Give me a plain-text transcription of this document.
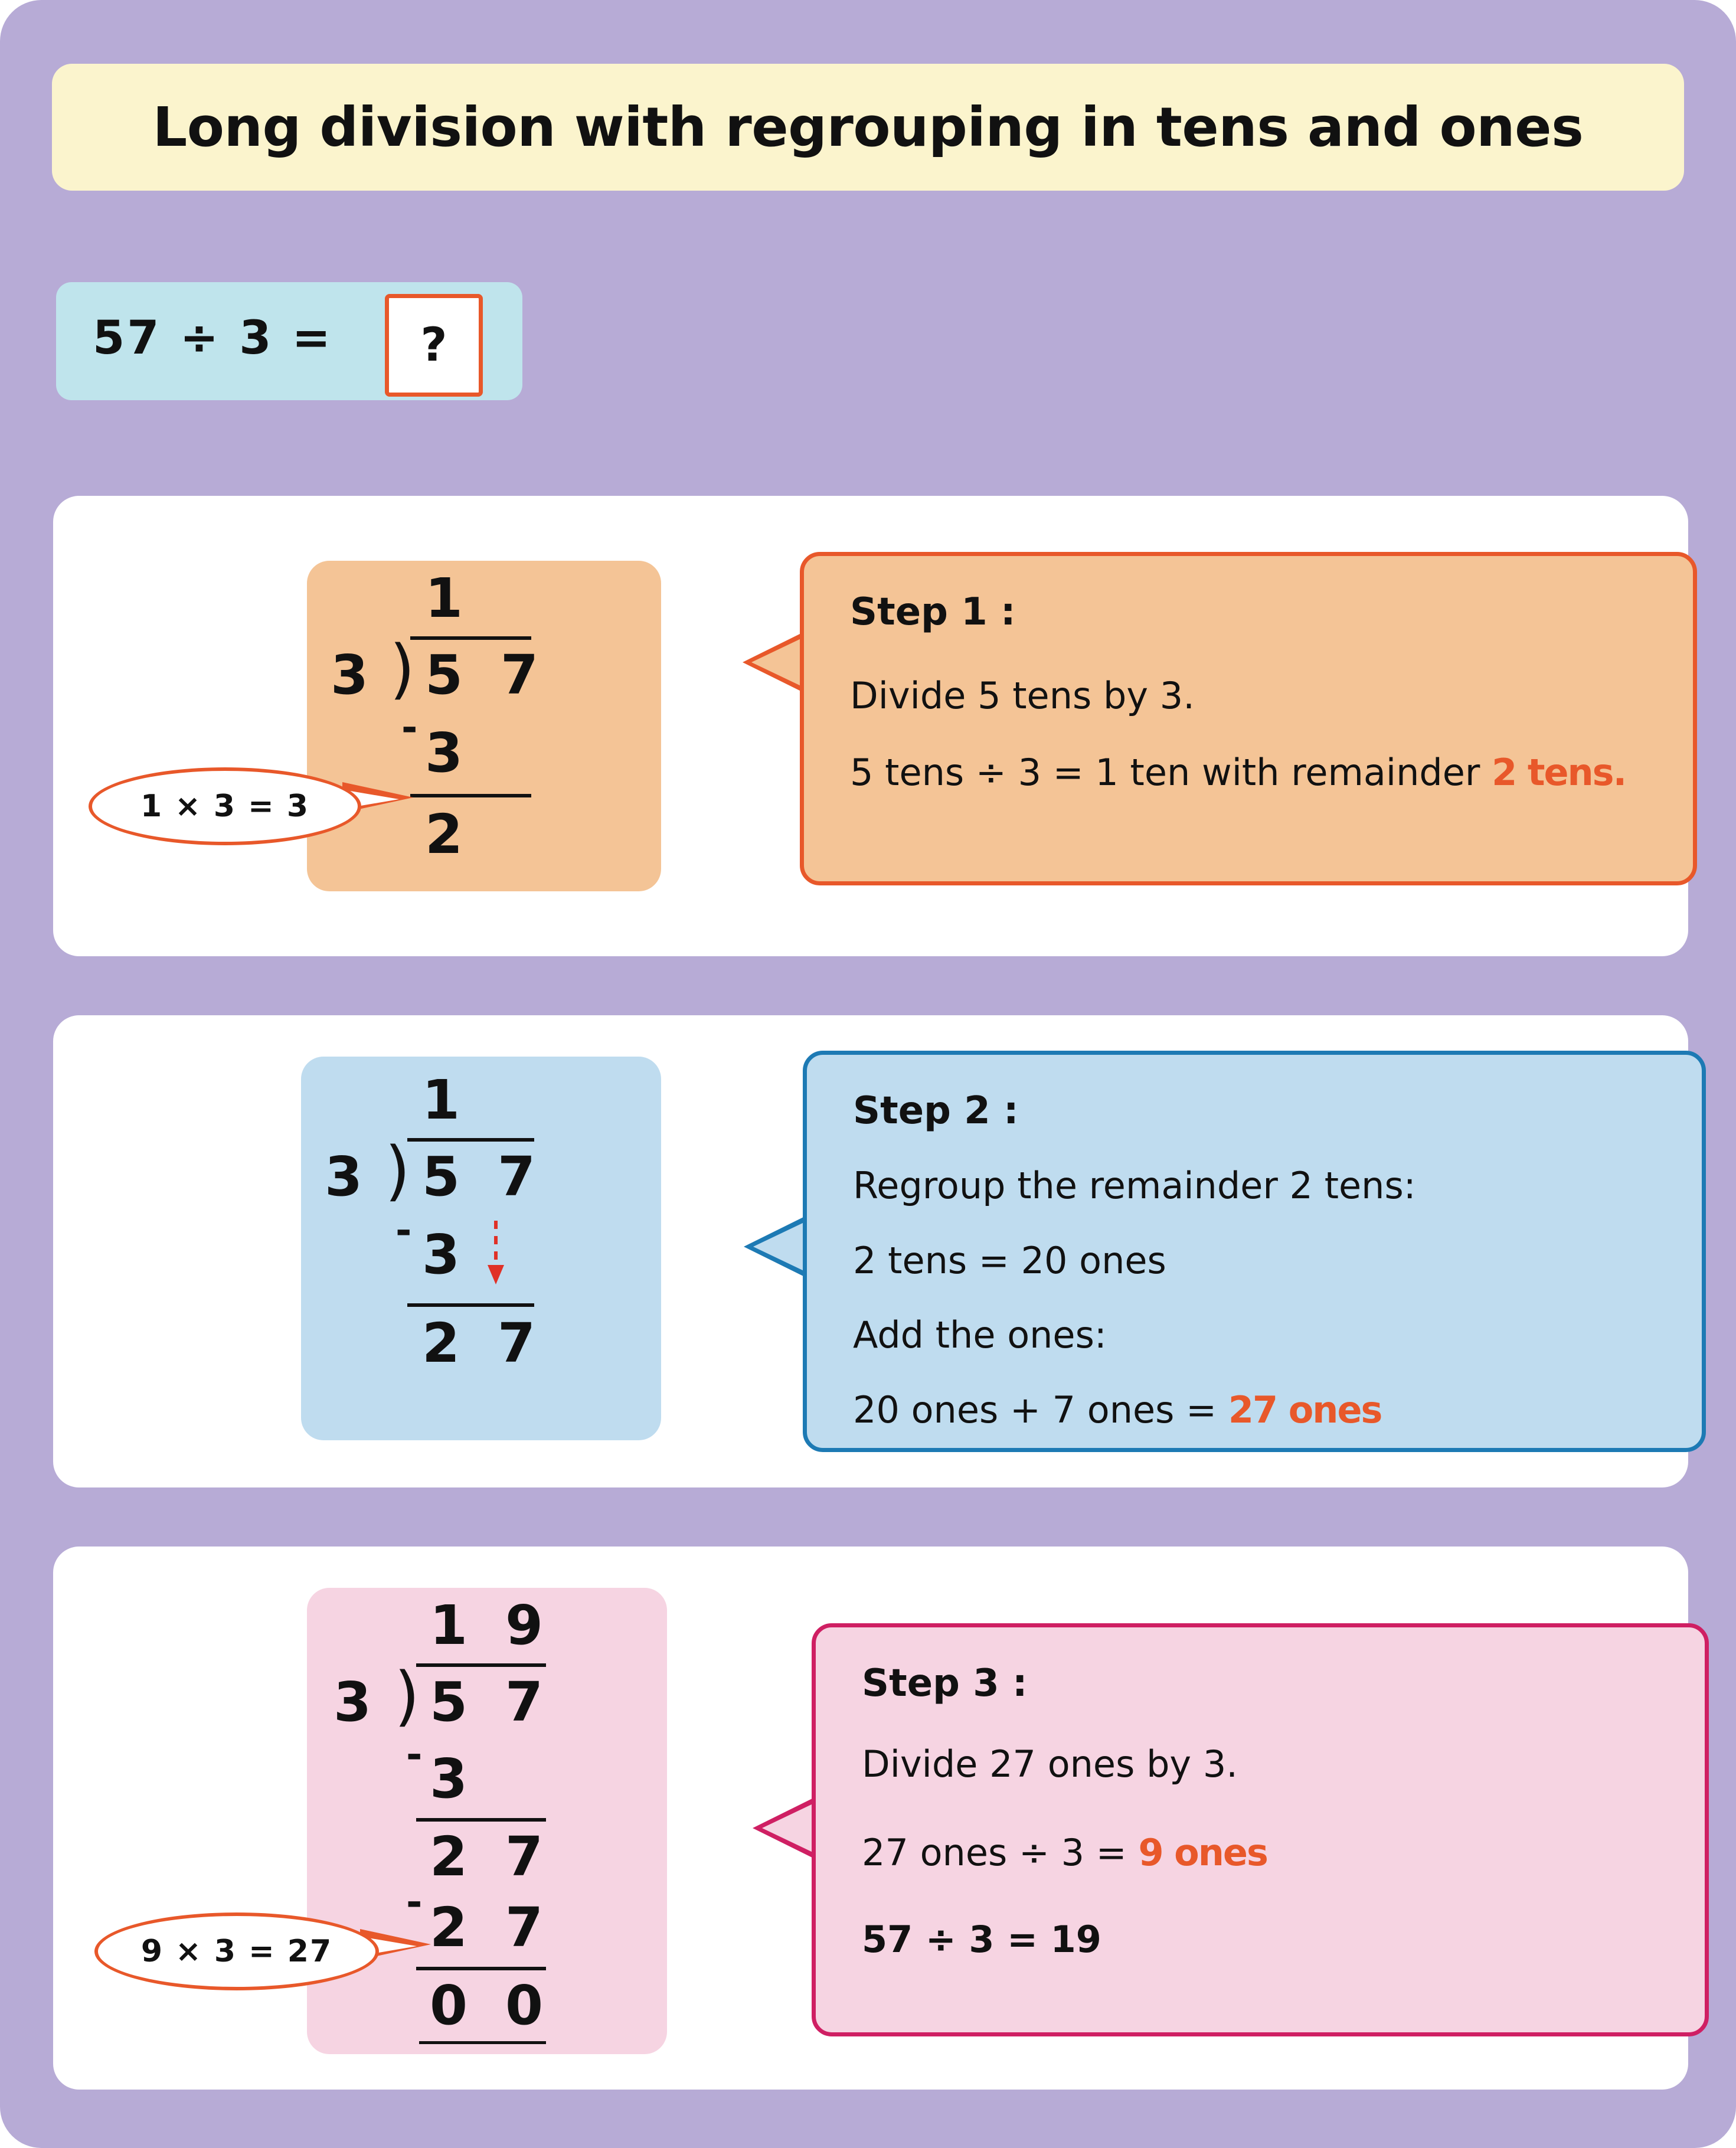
Long division with regrouping in tens and ones
57 ÷ 3 = ?
1
3 ) 5 7
- 3
2
Step 1 :
Divide 5 tens by 3.
5 tens ÷ 3 = 1 ten with remainder 2 tens.
1 × 3 = 3
1
3 ) 5 7
- 3
2 7
Step 2 :
Regroup the remainder 2 tens:
2 tens = 20 ones
Add the ones:
20 ones + 7 ones = 27 ones
1 9
3 ) 5 7
- 3
2 7
- 2 7
0 0
Step 3 :
Divide 27 ones by 3.
27 ones ÷ 3 = 9 ones
57 ÷ 3 = 19
9 × 3 = 27
